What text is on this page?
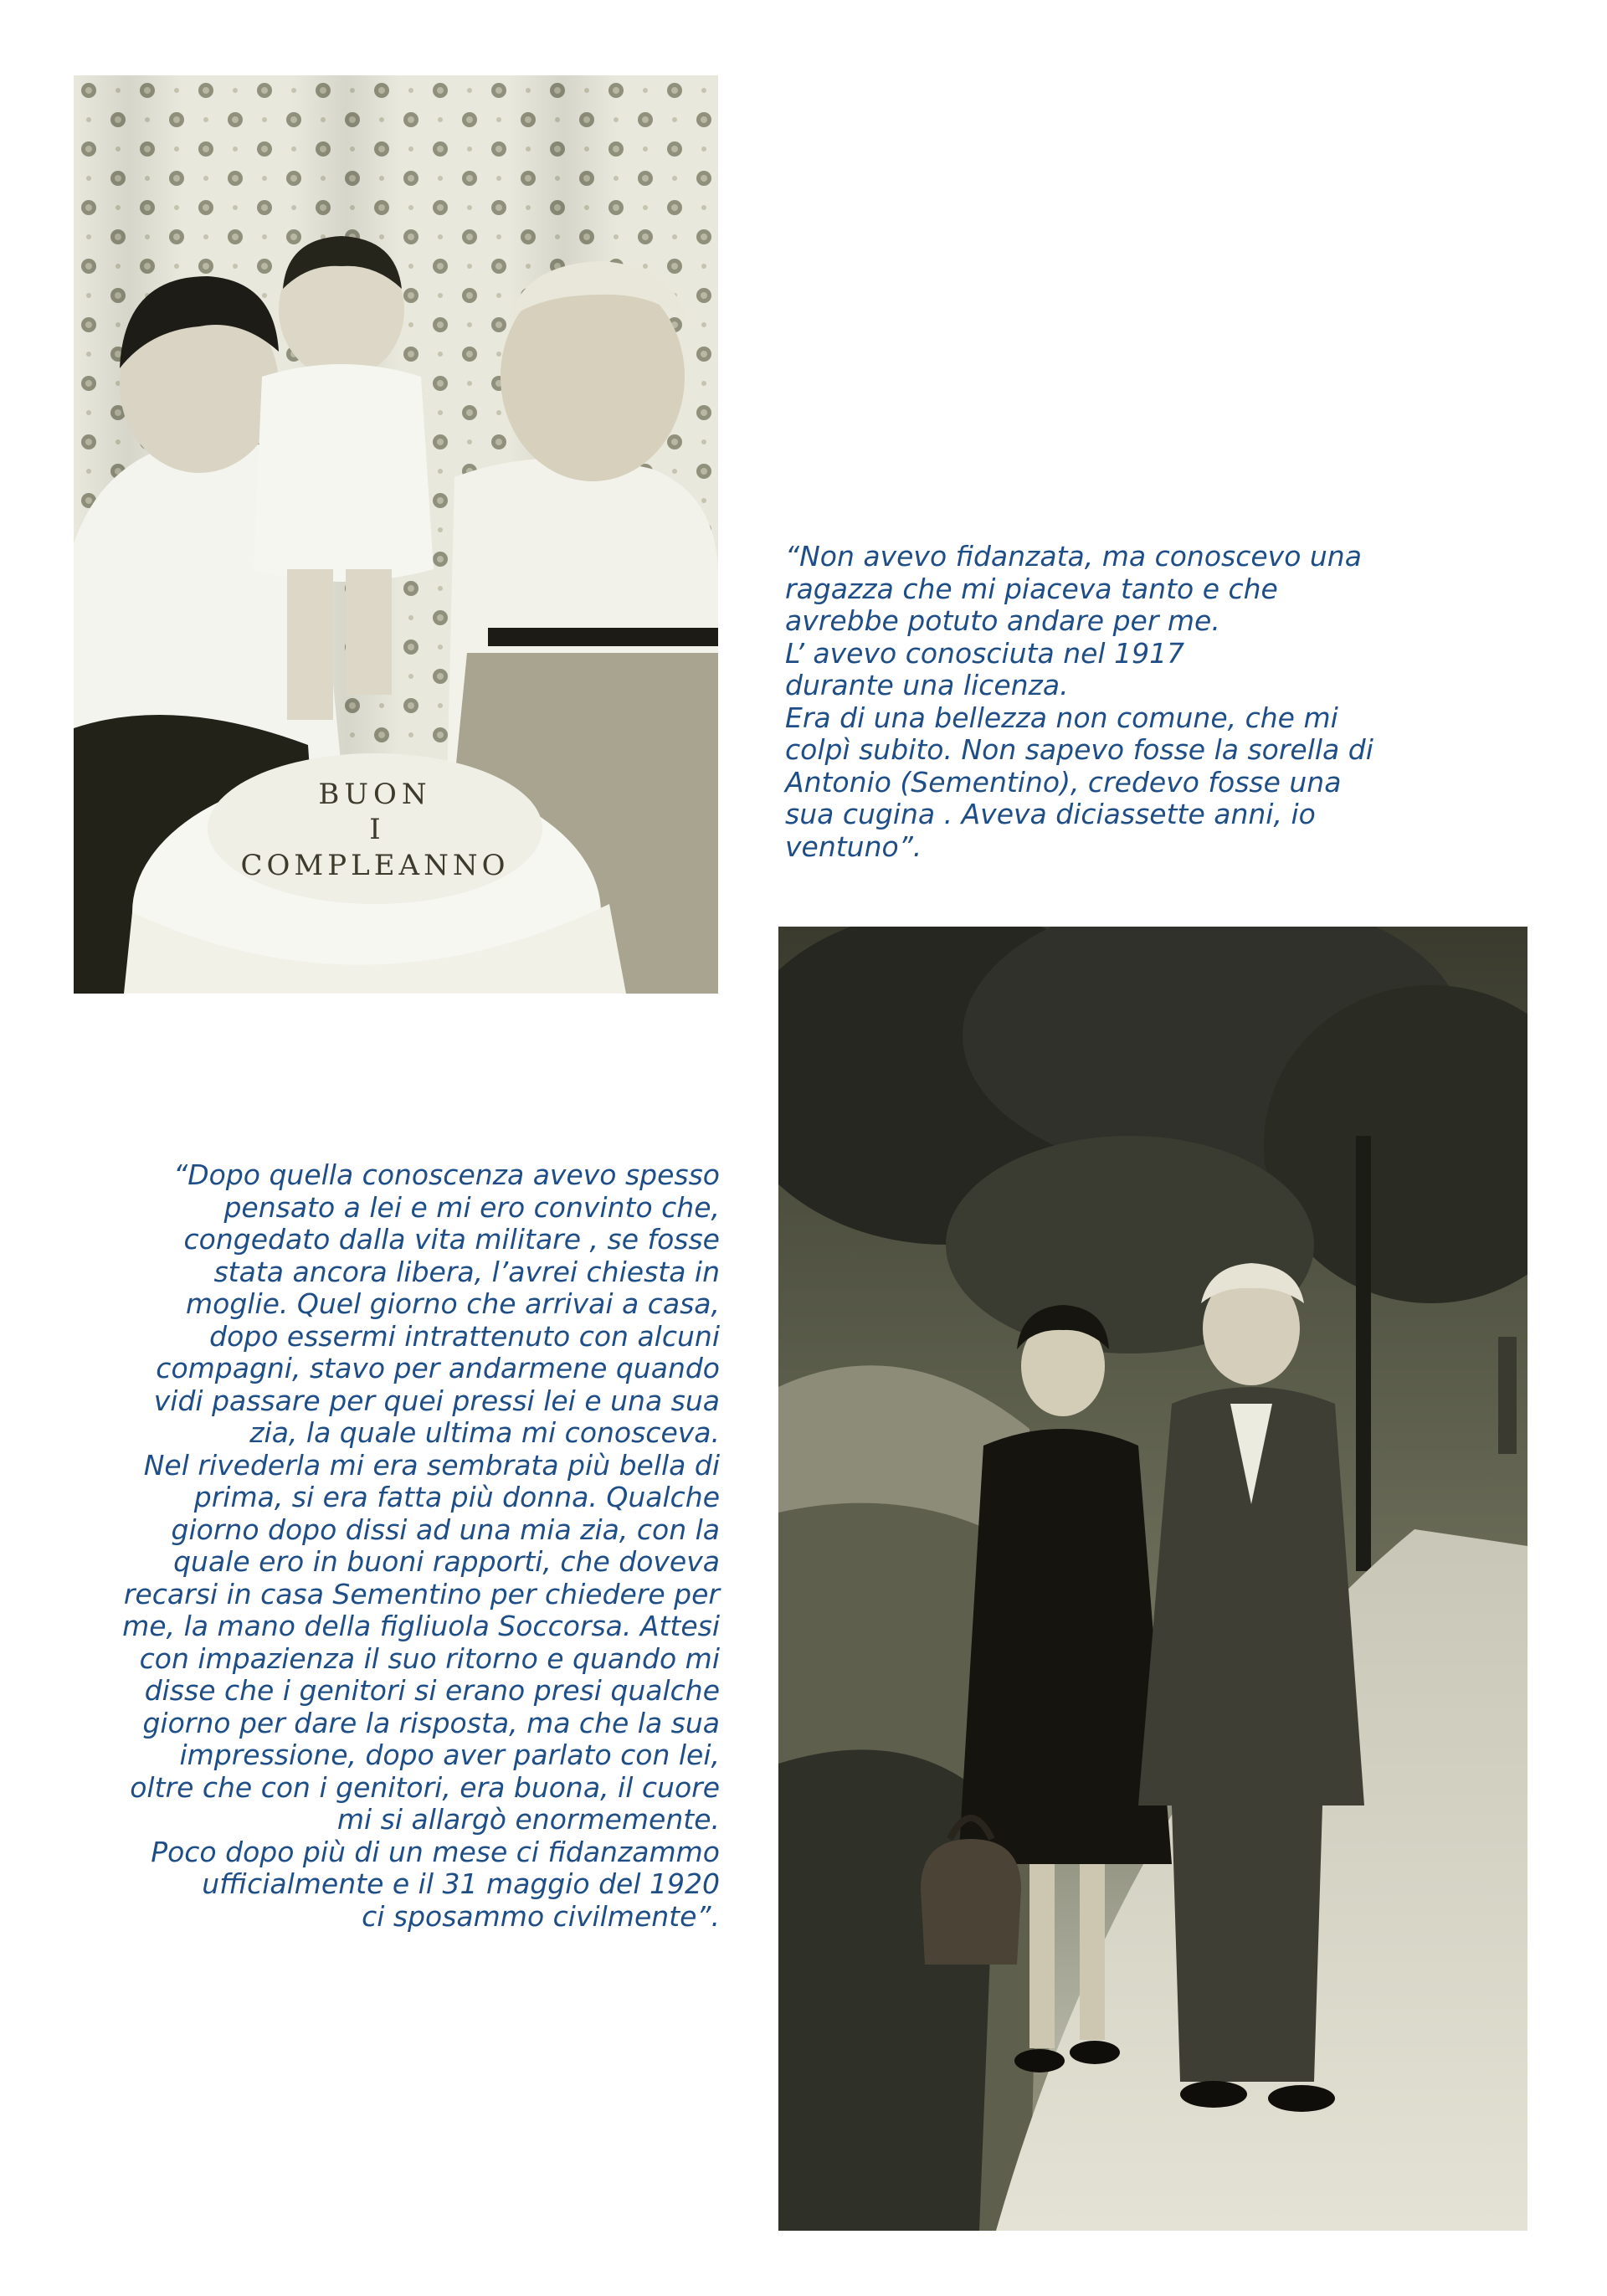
BUON
I
COMPLEANNO

“Non avevo fidanzata, ma conoscevo una
ragazza che mi piaceva tanto e che
avrebbe potuto andare per me.
L’ avevo conosciuta nel 1917
durante una licenza.
Era di una bellezza non comune, che mi
colpì subito. Non sapevo fosse la sorella di
Antonio (Sementino), credevo fosse una
sua cugina . Aveva diciassette anni, io
ventuno”.

“Dopo quella conoscenza avevo spesso
pensato a lei e mi ero convinto che,
congedato dalla vita militare , se fosse
stata ancora libera, l’avrei chiesta in
moglie. Quel giorno che arrivai a casa,
dopo essermi intrattenuto con alcuni
compagni, stavo per andarmene quando
vidi passare per quei pressi lei e una sua
zia, la quale ultima mi conosceva.
Nel rivederla mi era sembrata più bella di
prima, si era fatta più donna. Qualche
giorno dopo dissi ad una mia zia, con la
quale ero in buoni rapporti, che doveva
recarsi in casa Sementino per chiedere per
me, la mano della figliuola Soccorsa. Attesi
con impazienza il suo ritorno e quando mi
disse che i genitori si erano presi qualche
giorno per dare la risposta, ma che la sua
impressione, dopo aver parlato con lei,
oltre che con i genitori, era buona, il cuore
mi si allargò enormemente.
Poco dopo più di un mese ci fidanzammo
ufficialmente e il 31 maggio del 1920
ci sposammo civilmente”.
